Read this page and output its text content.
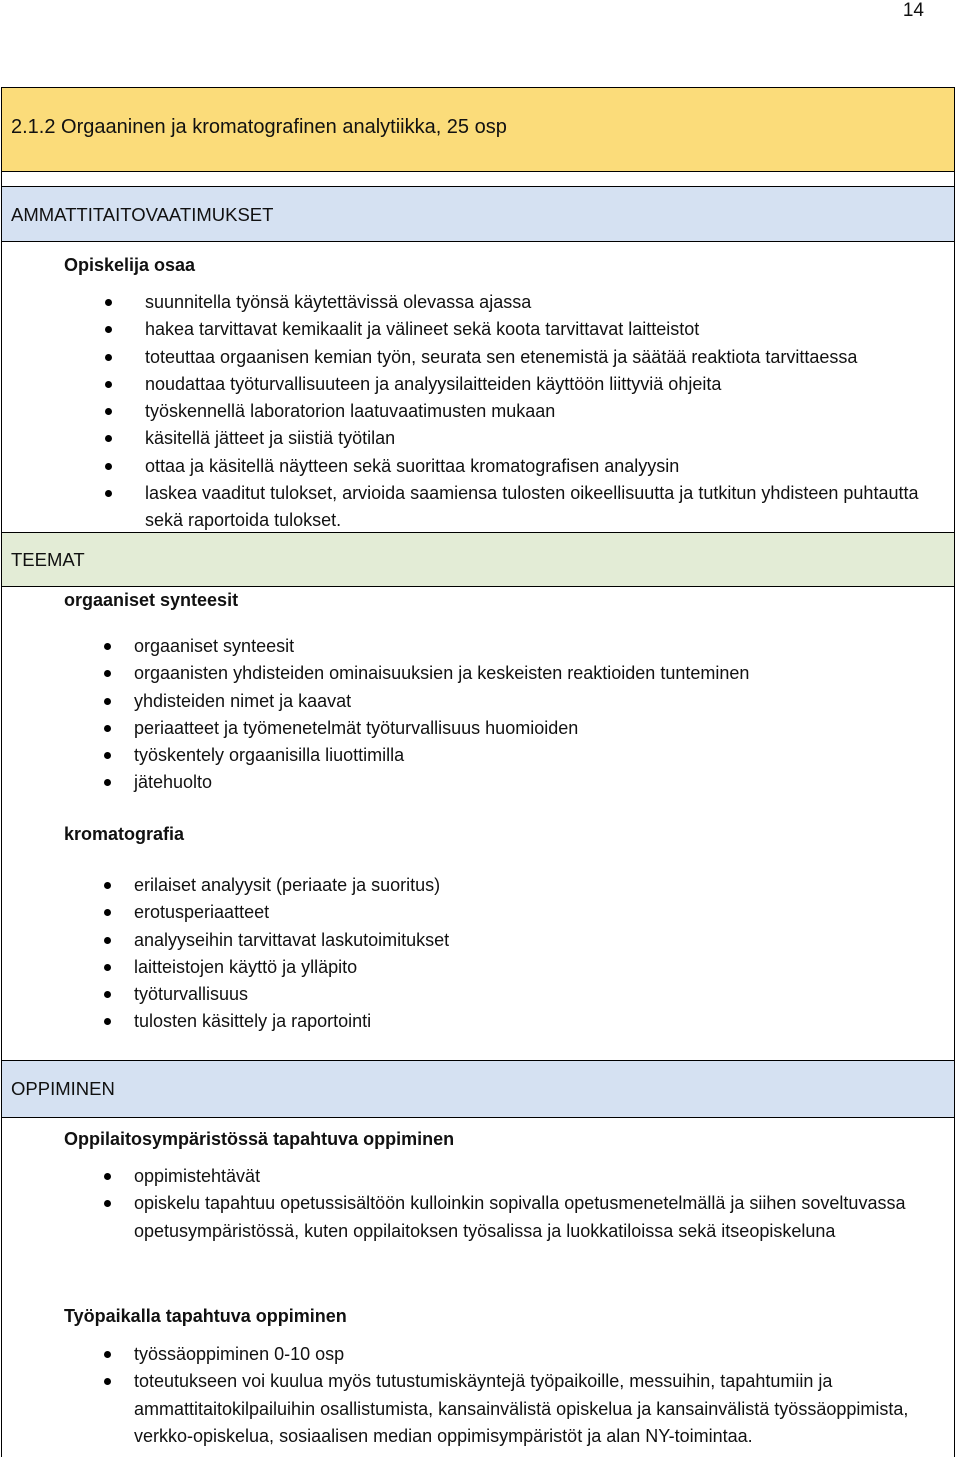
14
2.1.2 Orgaaninen ja kromatografinen analytiikka, 25 osp
AMMATTITAITOVAATIMUKSET
Opiskelija osaa
suunnitella työnsä käytettävissä olevassa ajassa
hakea tarvittavat kemikaalit ja välineet sekä koota tarvittavat laitteistot
toteuttaa orgaanisen kemian työn, seurata sen etenemistä ja säätää reaktiota tarvittaessa
noudattaa työturvallisuuteen ja analyysilaitteiden käyttöön liittyviä ohjeita
työskennellä laboratorion laatuvaatimusten mukaan
käsitellä jätteet ja siistiä työtilan
ottaa ja käsitellä näytteen sekä suorittaa kromatografisen analyysin
laskea vaaditut tulokset, arvioida saamiensa tulosten oikeellisuutta ja tutkitun yhdisteen puhtautta sekä raportoida tulokset.
TEEMAT
orgaaniset synteesit
orgaaniset synteesit
orgaanisten yhdisteiden ominaisuuksien ja keskeisten reaktioiden tunteminen
yhdisteiden nimet ja kaavat
periaatteet ja työmenetelmät työturvallisuus huomioiden
työskentely orgaanisilla liuottimilla
jätehuolto
kromatografia
erilaiset analyysit (periaate ja suoritus)
erotusperiaatteet
analyyseihin tarvittavat laskutoimitukset
laitteistojen käyttö ja ylläpito
työturvallisuus
tulosten käsittely ja raportointi
OPPIMINEN
Oppilaitosympäristössä tapahtuva oppiminen
oppimistehtävät
opiskelu tapahtuu opetussisältöön kulloinkin sopivalla opetusmenetelmällä ja siihen soveltuvassa opetusympäristössä, kuten oppilaitoksen työsalissa ja luokkatiloissa sekä itseopiskeluna
Työpaikalla tapahtuva oppiminen
työssäoppiminen 0-10 osp
toteutukseen voi kuulua myös tutustumiskäyntejä työpaikoille, messuihin, tapahtumiin ja ammattitaitokilpailuihin osallistumista, kansainvälistä opiskelua ja kansainvälistä työssäoppimista, verkko-opiskelua, sosiaalisen median oppimisympäristöt ja alan NY-toimintaa.
